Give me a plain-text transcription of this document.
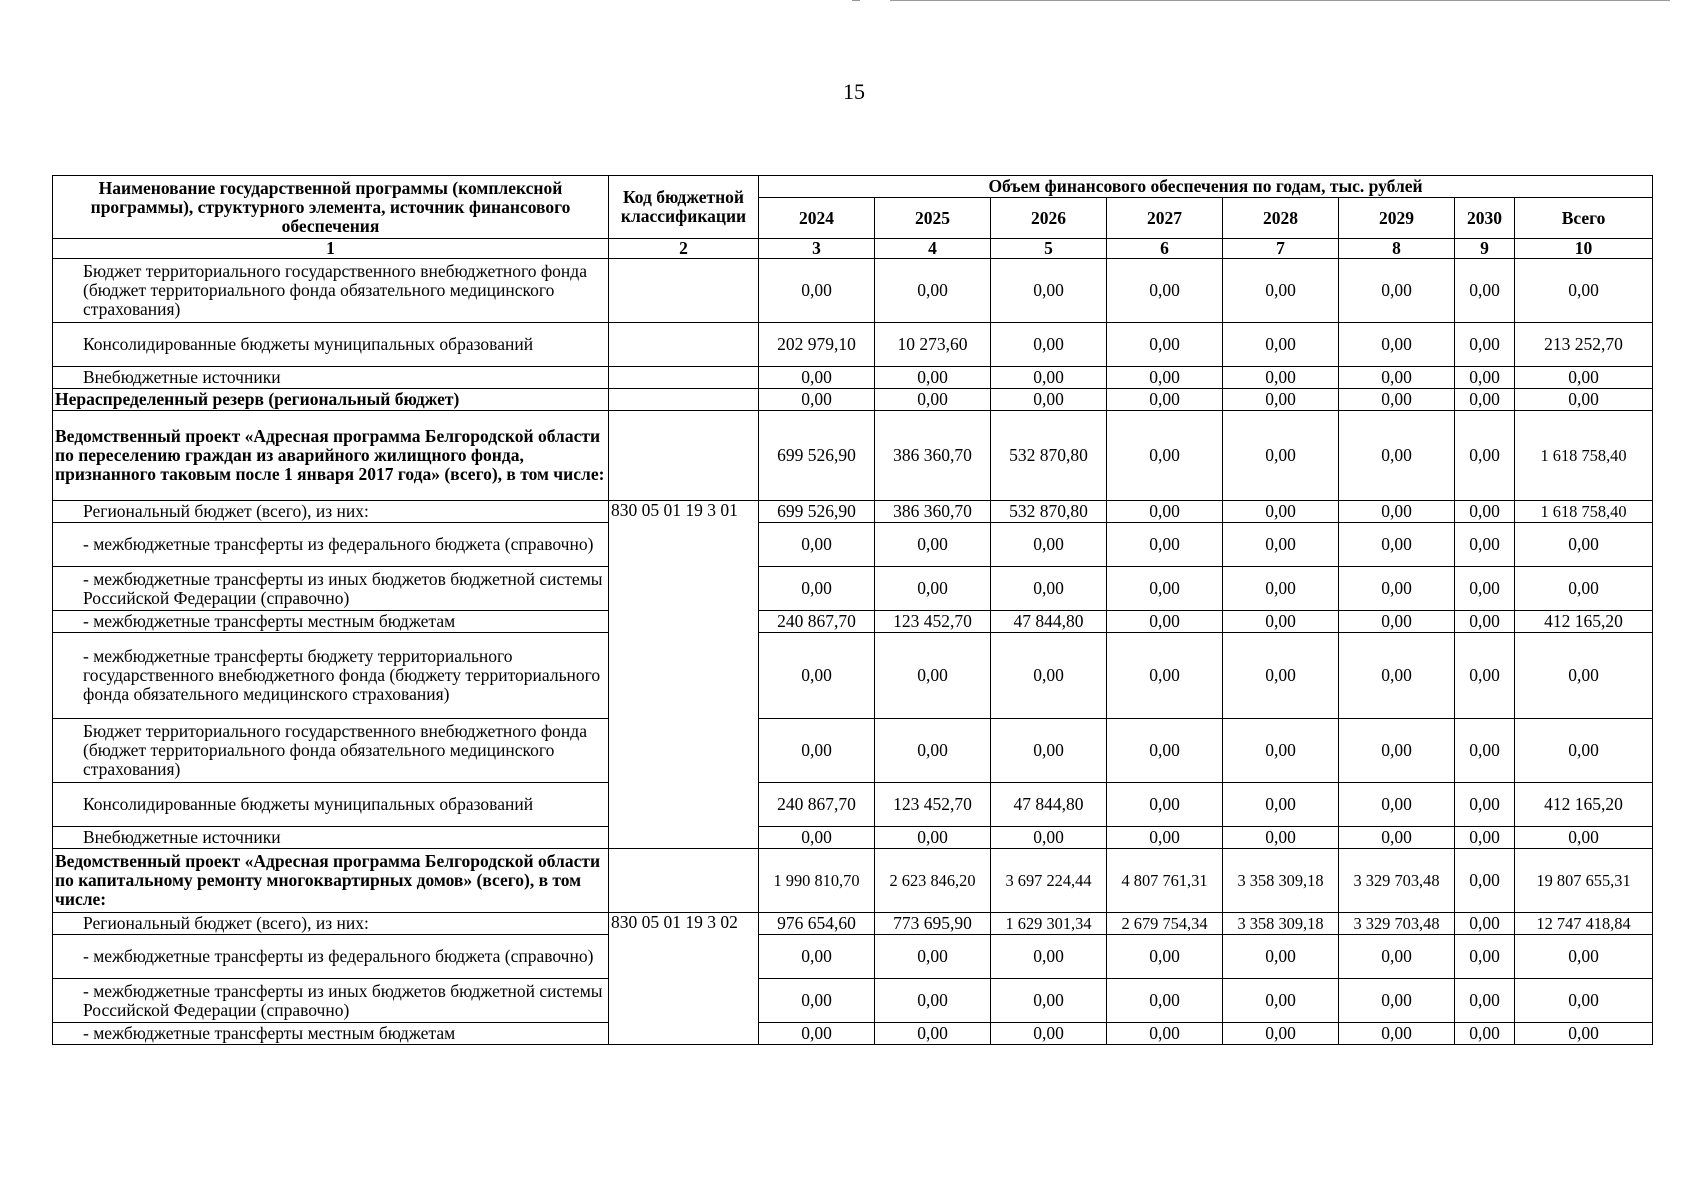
15
Наименование государственной программы (комплексной программы), структурного элемента, источник финансового обеспечения	Код бюджетной классификации	Объем финансового обеспечения по годам, тыс. рублей							
		2024	2025	2026	2027	2028	2029	2030	Всего
1	2	3	4	5	6	7	8	9	10
Бюджет территориального государственного внебюджетного фонда (бюджет территориального фонда обязательного медицинского страхования)		0,00	0,00	0,00	0,00	0,00	0,00	0,00	0,00
Консолидированные бюджеты муниципальных образований		202 979,10	10 273,60	0,00	0,00	0,00	0,00	0,00	213 252,70
Внебюджетные источники		0,00	0,00	0,00	0,00	0,00	0,00	0,00	0,00
Нераспределенный резерв (региональный бюджет)		0,00	0,00	0,00	0,00	0,00	0,00	0,00	0,00
Ведомственный проект «Адресная программа Белгородской области по переселению граждан из аварийного жилищного фонда, признанного таковым после 1 января 2017 года» (всего), в том числе:		699 526,90	386 360,70	532 870,80	0,00	0,00	0,00	0,00	1 618 758,40
Региональный бюджет (всего), из них:	830 05 01 19 3 01	699 526,90	386 360,70	532 870,80	0,00	0,00	0,00	0,00	1 618 758,40
- межбюджетные трансферты из федерального бюджета (справочно)		0,00	0,00	0,00	0,00	0,00	0,00	0,00	0,00
- межбюджетные трансферты из иных бюджетов бюджетной системы Российской Федерации (справочно)		0,00	0,00	0,00	0,00	0,00	0,00	0,00	0,00
- межбюджетные трансферты местным бюджетам		240 867,70	123 452,70	47 844,80	0,00	0,00	0,00	0,00	412 165,20
- межбюджетные трансферты бюджету территориального государственного внебюджетного фонда (бюджету территориального фонда обязательного медицинского страхования)		0,00	0,00	0,00	0,00	0,00	0,00	0,00	0,00
Бюджет территориального государственного внебюджетного фонда (бюджет территориального фонда обязательного медицинского страхования)		0,00	0,00	0,00	0,00	0,00	0,00	0,00	0,00
Консолидированные бюджеты муниципальных образований		240 867,70	123 452,70	47 844,80	0,00	0,00	0,00	0,00	412 165,20
Внебюджетные источники		0,00	0,00	0,00	0,00	0,00	0,00	0,00	0,00
Ведомственный проект «Адресная программа Белгородской области по капитальному ремонту многоквартирных домов» (всего), в том числе:		1 990 810,70	2 623 846,20	3 697 224,44	4 807 761,31	3 358 309,18	3 329 703,48	0,00	19 807 655,31
Региональный бюджет (всего), из них:	830 05 01 19 3 02	976 654,60	773 695,90	1 629 301,34	2 679 754,34	3 358 309,18	3 329 703,48	0,00	12 747 418,84
- межбюджетные трансферты из федерального бюджета (справочно)		0,00	0,00	0,00	0,00	0,00	0,00	0,00	0,00
- межбюджетные трансферты из иных бюджетов бюджетной системы Российской Федерации (справочно)		0,00	0,00	0,00	0,00	0,00	0,00	0,00	0,00
- межбюджетные трансферты местным бюджетам		0,00	0,00	0,00	0,00	0,00	0,00	0,00	0,00
